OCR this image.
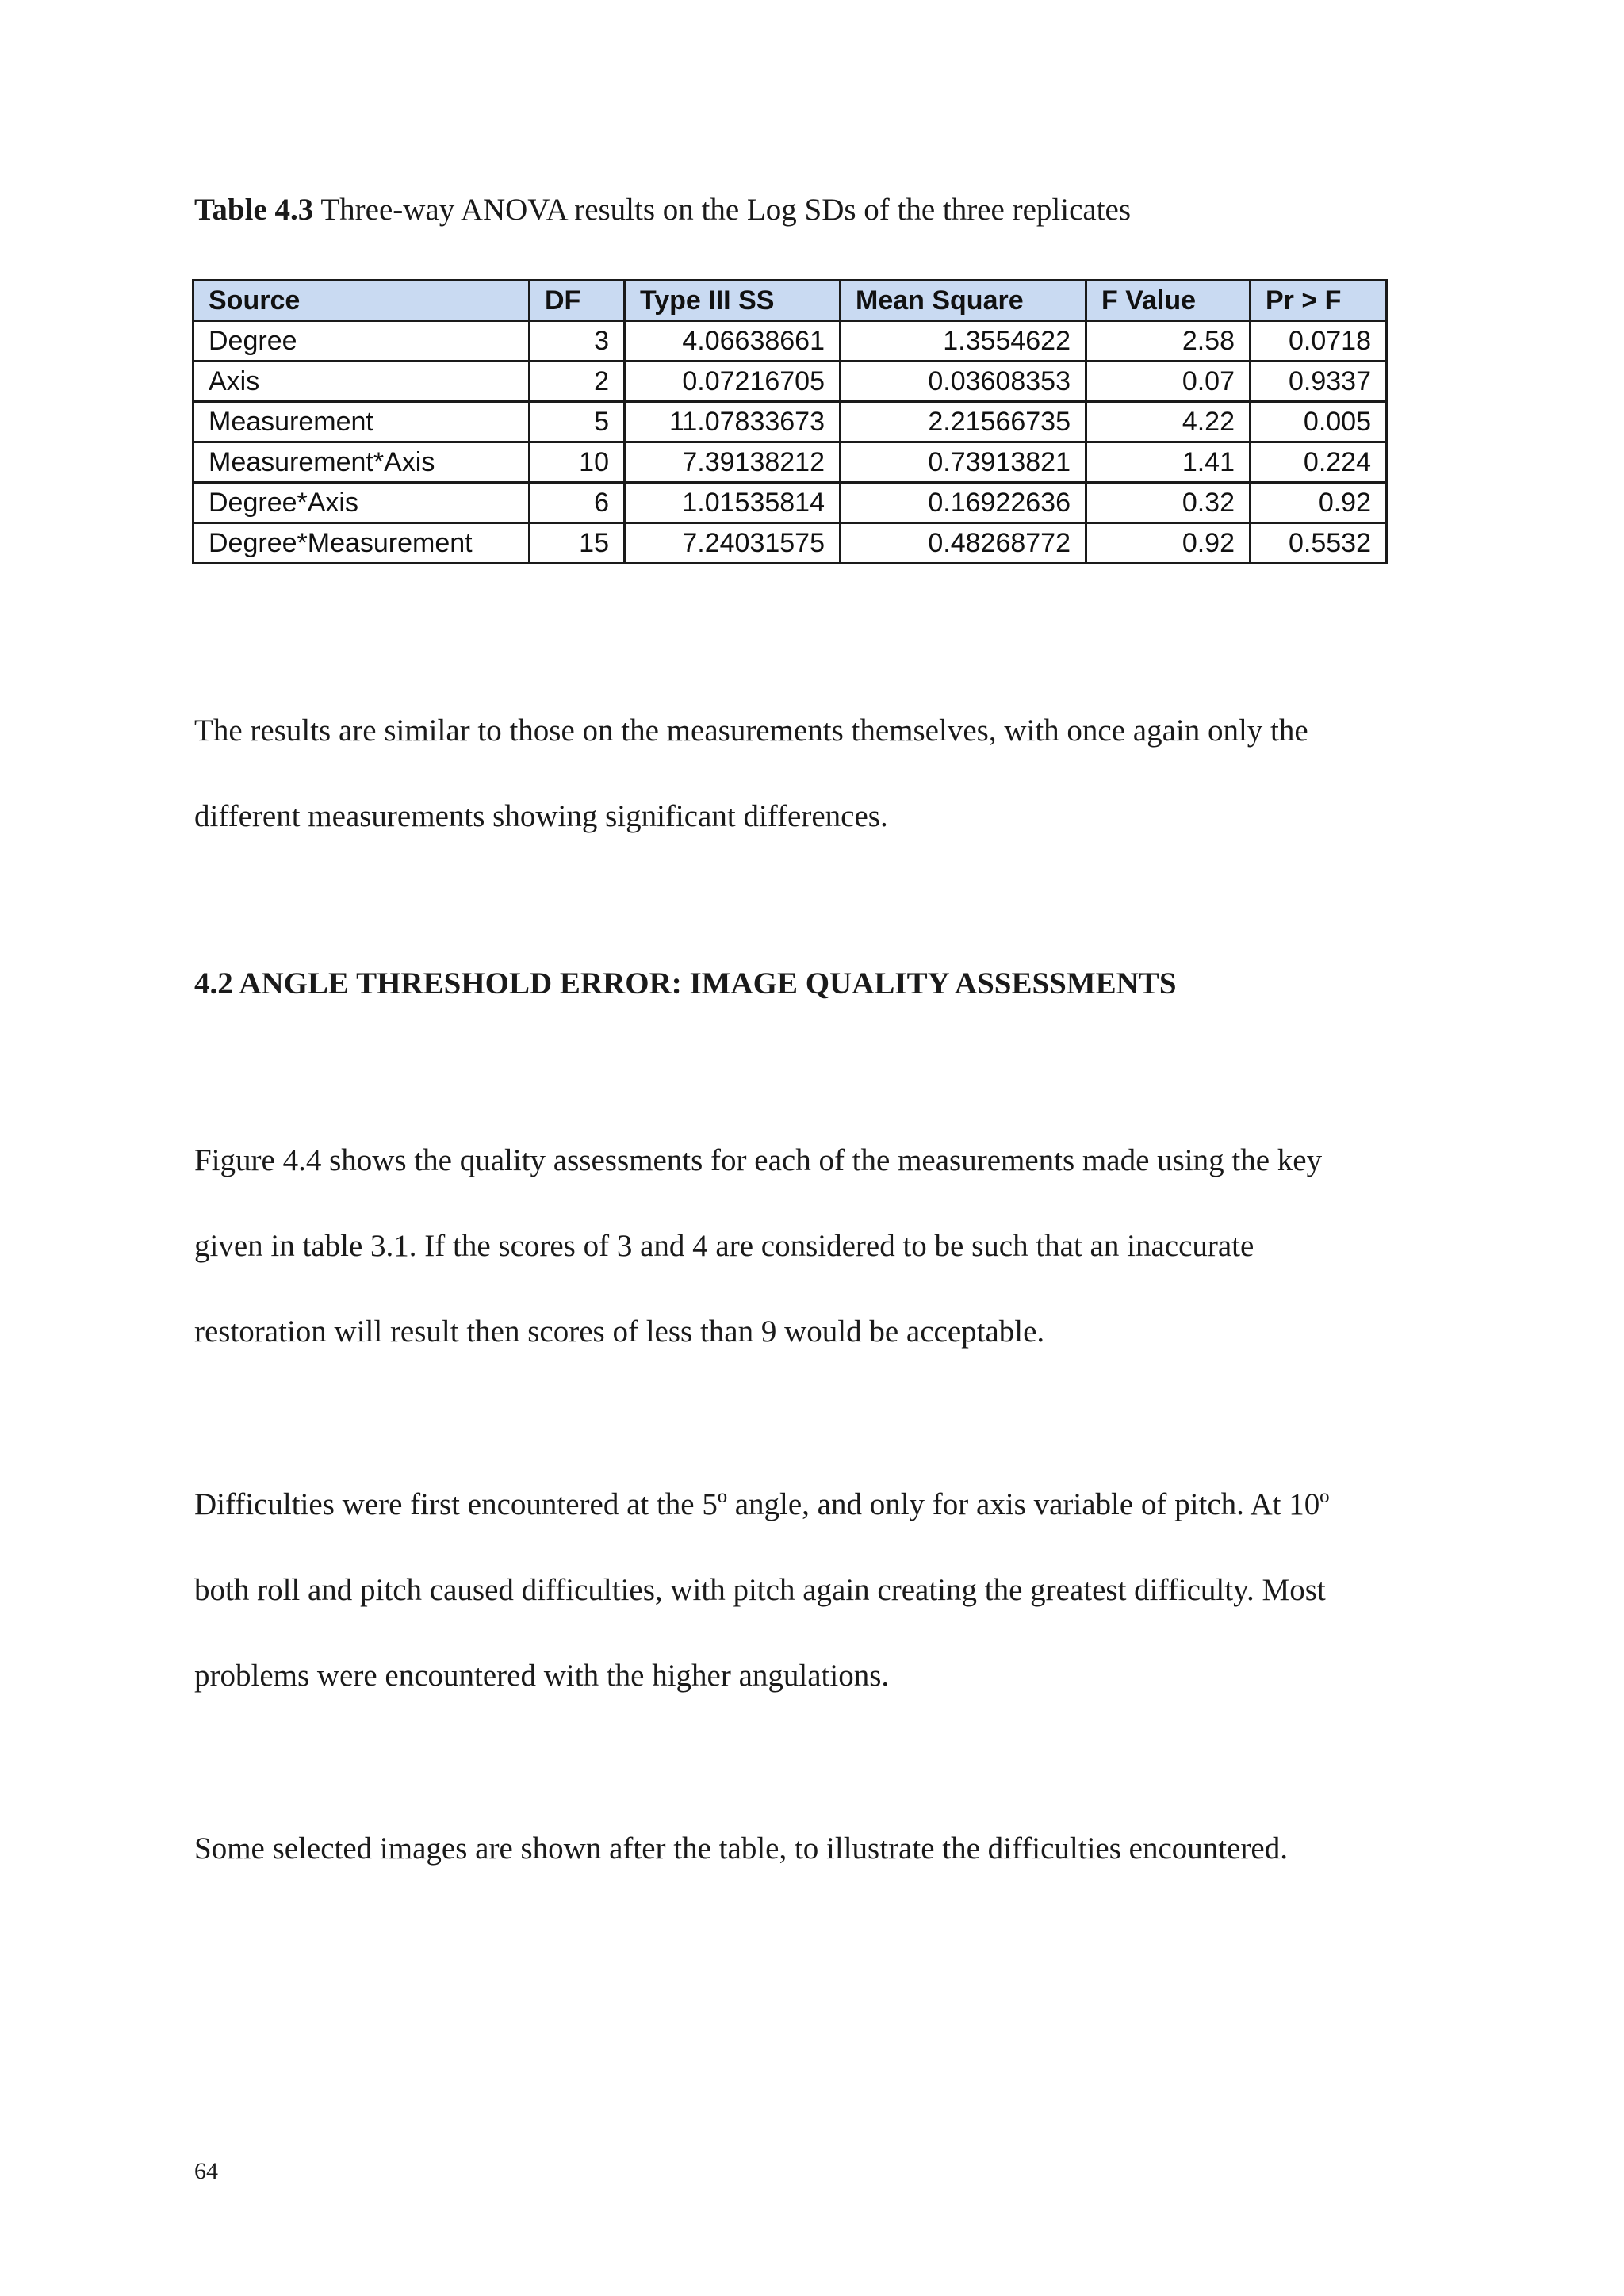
Table 4.3 Three-way ANOVA results on the Log SDs of the three replicates
Source	DF	Type III SS	Mean Square	F Value	Pr > F
Degree	3	4.06638661	1.3554622	2.58	0.0718
Axis	2	0.07216705	0.03608353	0.07	0.9337
Measurement	5	11.07833673	2.21566735	4.22	0.005
Measurement*Axis	10	7.39138212	0.73913821	1.41	0.224
Degree*Axis	6	1.01535814	0.16922636	0.32	0.92
Degree*Measurement	15	7.24031575	0.48268772	0.92	0.5532

The results are similar to those on the measurements themselves, with once again only the

different measurements showing significant differences.

4.2 ANGLE THRESHOLD ERROR: IMAGE QUALITY ASSESSMENTS

Figure 4.4 shows the quality assessments for each of the measurements made using the key

given in table 3.1. If the scores of 3 and 4 are considered to be such that an inaccurate

restoration will result then scores of less than 9 would be acceptable.

Difficulties were first encountered at the 5º angle, and only for axis variable of pitch. At 10º

both roll and pitch caused difficulties, with pitch again creating the greatest difficulty. Most

problems were encountered with the higher angulations.

Some selected images are shown after the table, to illustrate the difficulties encountered.

64
